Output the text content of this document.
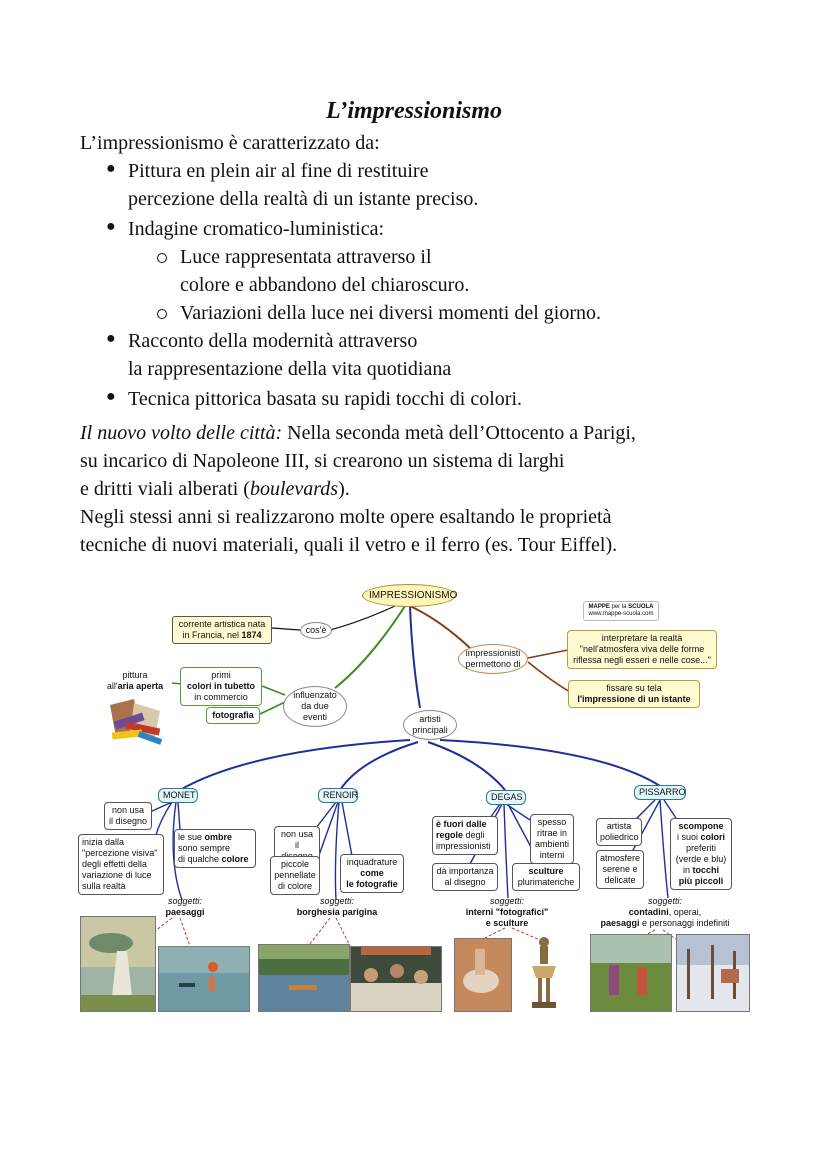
L’impressionismo
L’impressionismo è caratterizzato da:
● Pittura en plein air al fine di restituire
percezione della realtà di un istante preciso.
● Indagine cromatico-luministica:
Luce rappresentata attraverso il
colore e abbandono del chiaroscuro.
Variazioni della luce nei diversi momenti del giorno.
● Racconto della modernità attraverso
la rappresentazione della vita quotidiana
● Tecnica pittorica basata su rapidi tocchi di colori.
Il nuovo volto delle città: Nella seconda metà dell’Ottocento a Parigi,
su incarico di Napoleone III, si crearono un sistema di larghi
e dritti viali alberati (boulevards).
Negli stessi anni si realizzarono molte opere esaltando le proprietà
tecniche di nuovi materiali, quali il vetro e il ferro (es. Tour Eiffel).
IMPRESSIONISMO
MAPPE per la SCUOLA
www.mappe-scuola.com
corrente artistica nata
in Francia, nel 1874	cos'è
impressionisti
permettono di
interpretare la realtà
"nell'atmosfera viva delle forme
riflessa negli esseri e nelle cose..."
fissare su tela
l'impressione di un istante
primi
colori in tubetto
in commercio
fotografia
influenzato
da due eventi
pittura
all'aria aperta
artisti
principali
MONET	RENOIR	DEGAS	PISSARRO
non usa
il disegno
inizia dalla
"percezione visiva"
degli effetti della
variazione di luce
sulla realtà
le sue ombre
sono sempre
di qualche colore
soggetti:
paesaggi
non usa
il
piccole
pennellate
di colore
inquadrature
come
le fotografie
soggetti:
borghesia parigina
è fuori dalle
regole degli
impressionisti
spesso
ritrae in
ambienti
interni
dà importanza
al disegno
sculture
plurimateriche
soggetti:
interni "fotografici"
e sculture
artista
poliedrico
atmosfere
serene e
delicate
scompone
i suoi colori
preferiti
(verde e blu)
in tocchi
più piccoli
soggetti:
contadini, operai,
paesaggi e personaggi indefiniti
